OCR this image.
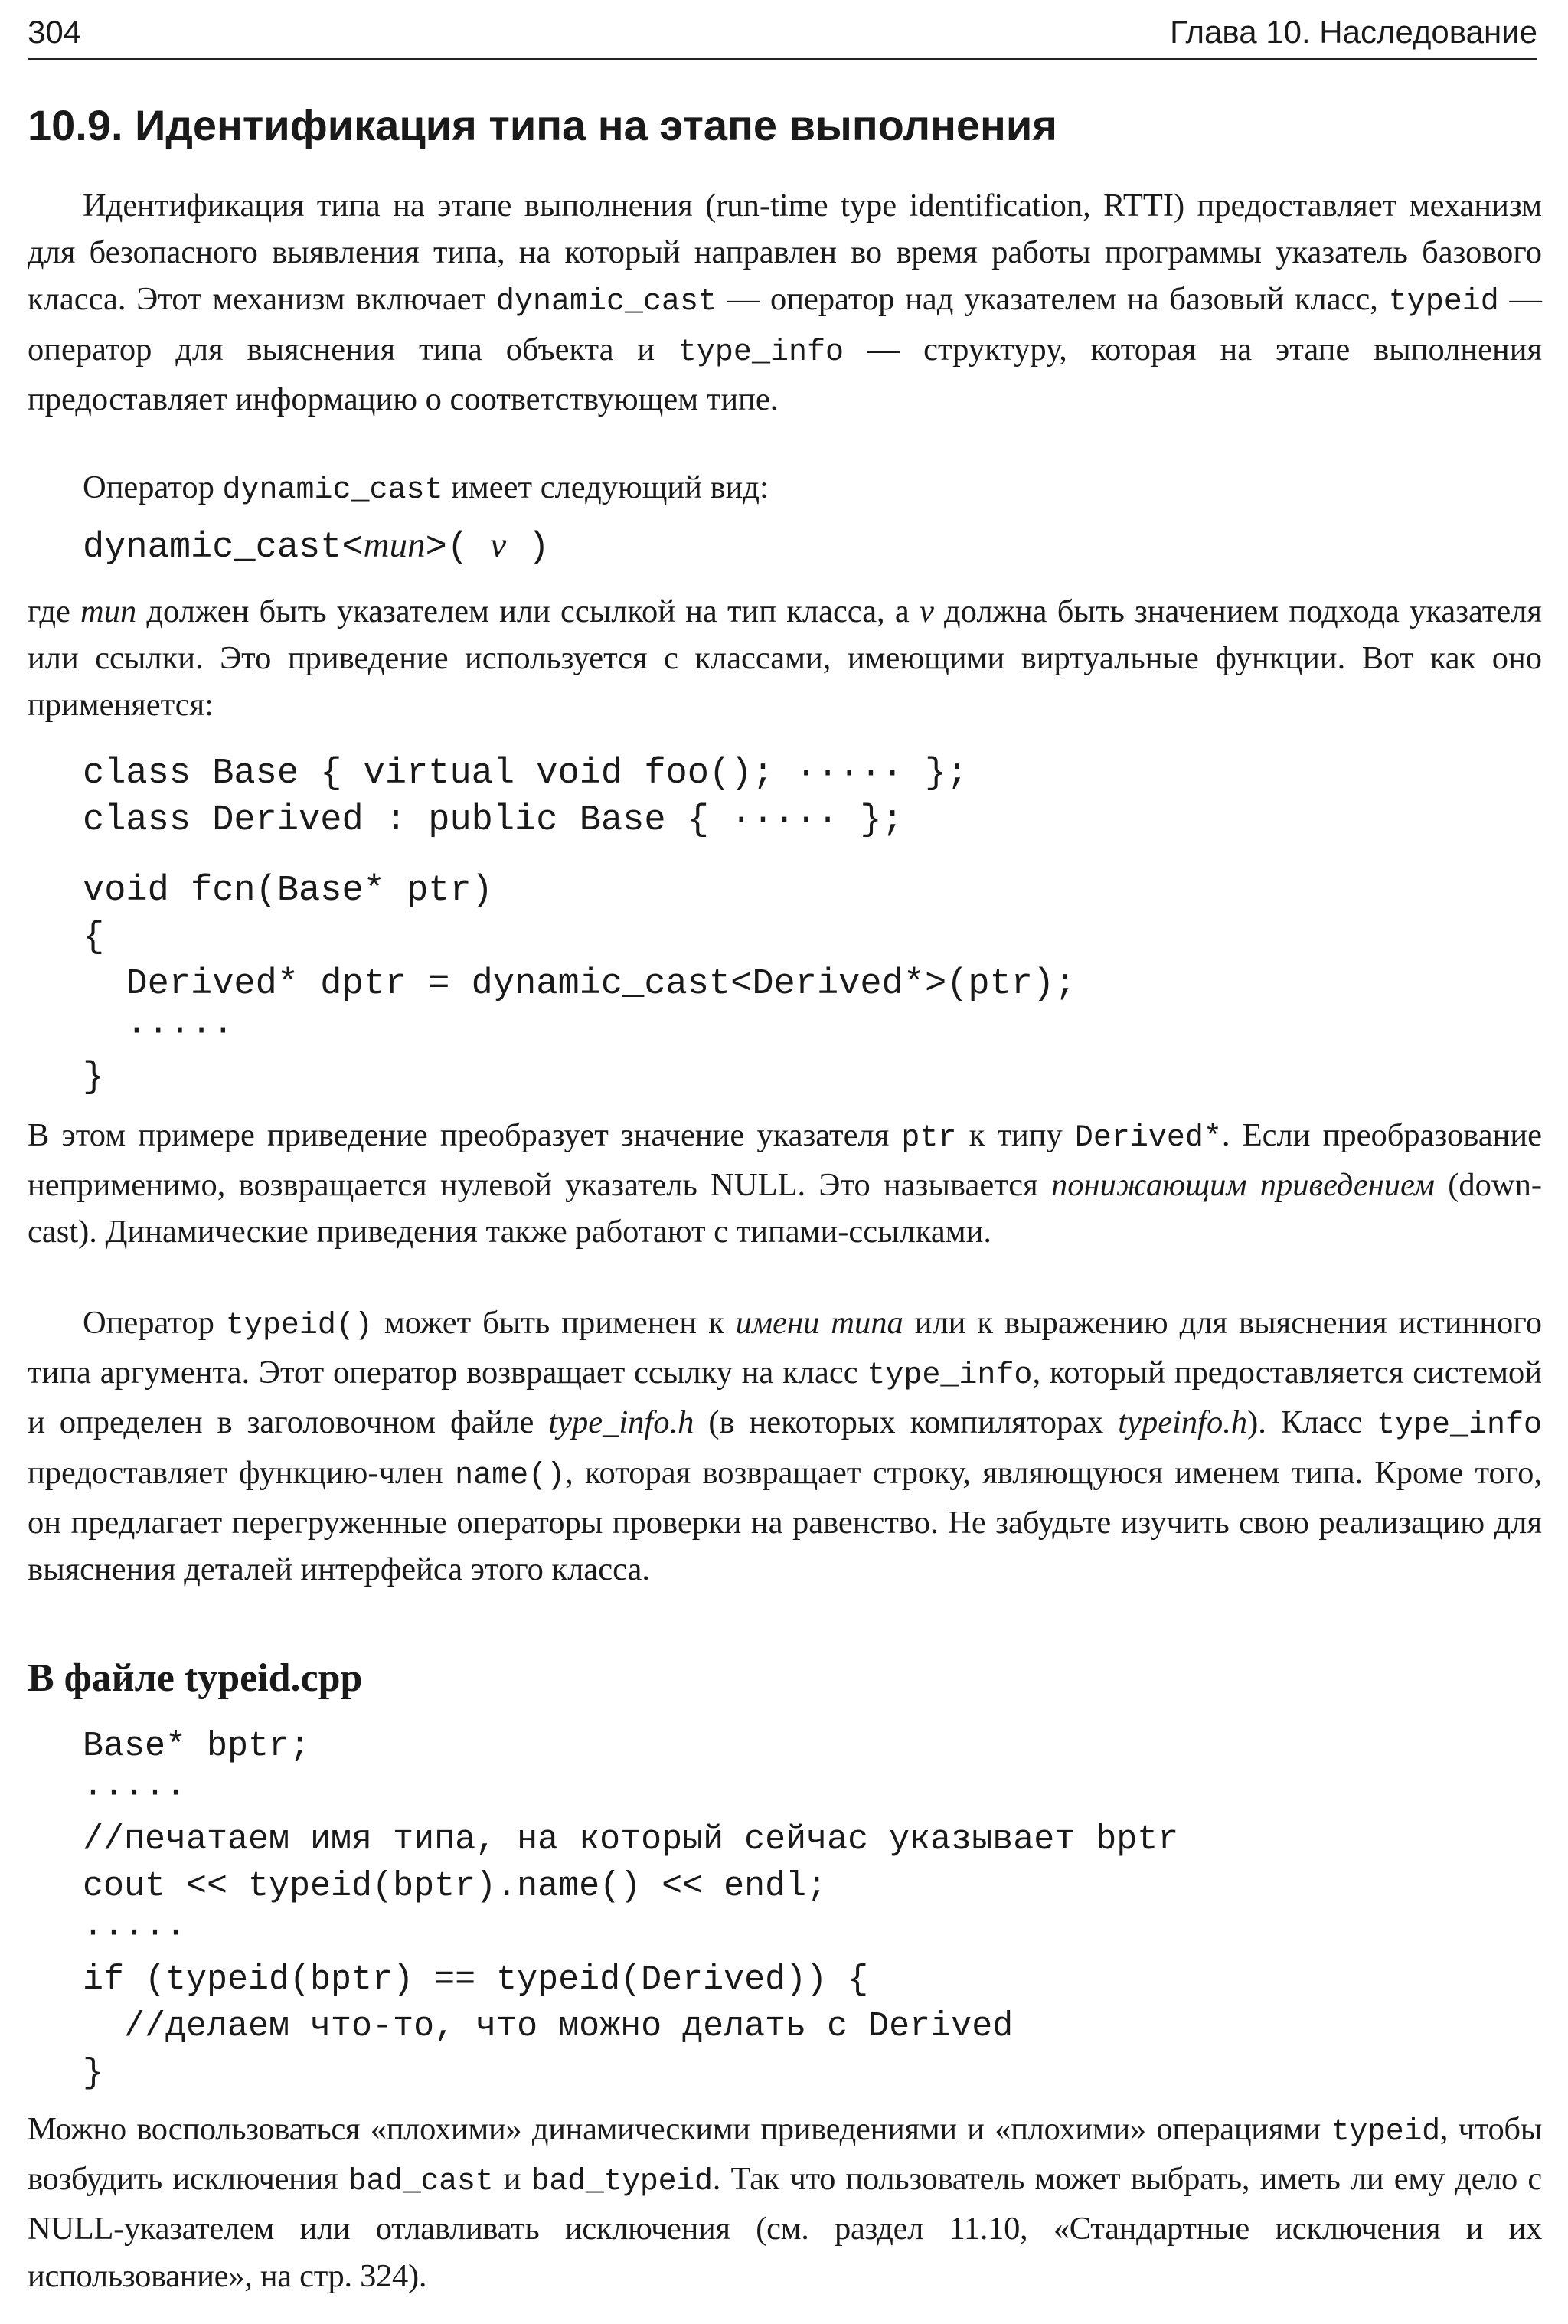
304	Глава 10. Наследование
10.9. Идентификация типа на этапе выполнения
Идентификация типа на этапе выполнения (run-time type identification, RTTI) предоставляет механизм для безопасного выявления типа, на который направлен во время работы программы указатель базового класса. Этот механизм включает dynamic_cast — оператор над указателем на базовый класс, typeid — оператор для выяснения типа объекта и type_info — структуру, которая на этапе выполнения предоставляет информацию о соответствующем типе.
Оператор dynamic_cast имеет следующий вид:
dynamic_cast<тип>( v )
где тип должен быть указателем или ссылкой на тип класса, а v должна быть значением подхода указателя или ссылки. Это приведение используется с классами, имеющими виртуальные функции. Вот как оно применяется:
class Base { virtual void foo(); ····· };
class Derived : public Base { ····· };
void fcn(Base* ptr)
{
Derived* dptr = dynamic_cast<Derived*>(ptr);
·····
}
В этом примере приведение преобразует значение указателя ptr к типу Derived*. Если преобразование неприменимо, возвращается нулевой указатель NULL. Это называется понижающим приведением (down-cast). Динамические приведения также работают с типами-ссылками.
Оператор typeid() может быть применен к имени типа или к выражению для выяснения истинного типа аргумента. Этот оператор возвращает ссылку на класс type_info, который предоставляется системой и определен в заголовочном файле type_info.h (в некоторых компиляторах typeinfo.h). Класс type_info предоставляет функцию-член name(), которая возвращает строку, являющуюся именем типа. Кроме того, он предлагает перегруженные операторы проверки на равенство. Не забудьте изучить свою реализацию для выяснения деталей интерфейса этого класса.
В файле typeid.cpp
Base* bptr;
·····
//печатаем имя типа, на который сейчас указывает bptr
cout << typeid(bptr).name() << endl;
·····
if (typeid(bptr) == typeid(Derived)) {
//делаем что-то, что можно делать с Derived
}
Можно воспользоваться «плохими» динамическими приведениями и «плохими» операциями typeid, чтобы возбудить исключения bad_cast и bad_typeid. Так что пользователь может выбрать, иметь ли ему дело с NULL-указателем или отлавливать исключения (см. раздел 11.10, «Стандартные исключения и их использование», на стр. 324).
